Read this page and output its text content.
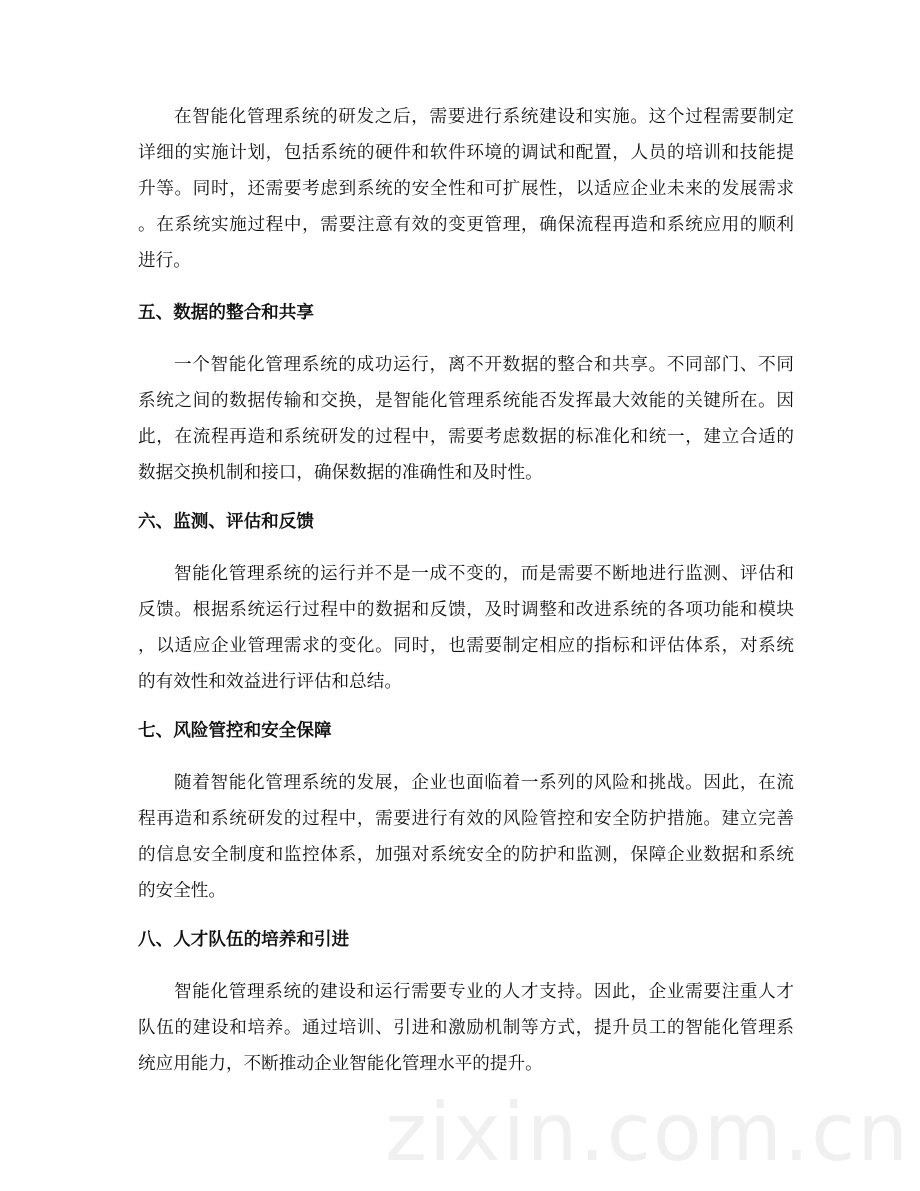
zixin.com.cn
在智能化管理系统的研发之后，需要进行系统建设和实施。这个过程需要制定
详细的实施计划，包括系统的硬件和软件环境的调试和配置，人员的培训和技能提
升等。同时，还需要考虑到系统的安全性和可扩展性，以适应企业未来的发展需求
。在系统实施过程中，需要注意有效的变更管理，确保流程再造和系统应用的顺利
进行。
五、数据的整合和共享
一个智能化管理系统的成功运行，离不开数据的整合和共享。不同部门、不同
系统之间的数据传输和交换，是智能化管理系统能否发挥最大效能的关键所在。因
此，在流程再造和系统研发的过程中，需要考虑数据的标准化和统一，建立合适的
数据交换机制和接口，确保数据的准确性和及时性。
六、监测、评估和反馈
智能化管理系统的运行并不是一成不变的，而是需要不断地进行监测、评估和
反馈。根据系统运行过程中的数据和反馈，及时调整和改进系统的各项功能和模块
，以适应企业管理需求的变化。同时，也需要制定相应的指标和评估体系，对系统
的有效性和效益进行评估和总结。
七、风险管控和安全保障
随着智能化管理系统的发展，企业也面临着一系列的风险和挑战。因此，在流
程再造和系统研发的过程中，需要进行有效的风险管控和安全防护措施。建立完善
的信息安全制度和监控体系，加强对系统安全的防护和监测，保障企业数据和系统
的安全性。
八、人才队伍的培养和引进
智能化管理系统的建设和运行需要专业的人才支持。因此，企业需要注重人才
队伍的建设和培养。通过培训、引进和激励机制等方式，提升员工的智能化管理系
统应用能力，不断推动企业智能化管理水平的提升。
